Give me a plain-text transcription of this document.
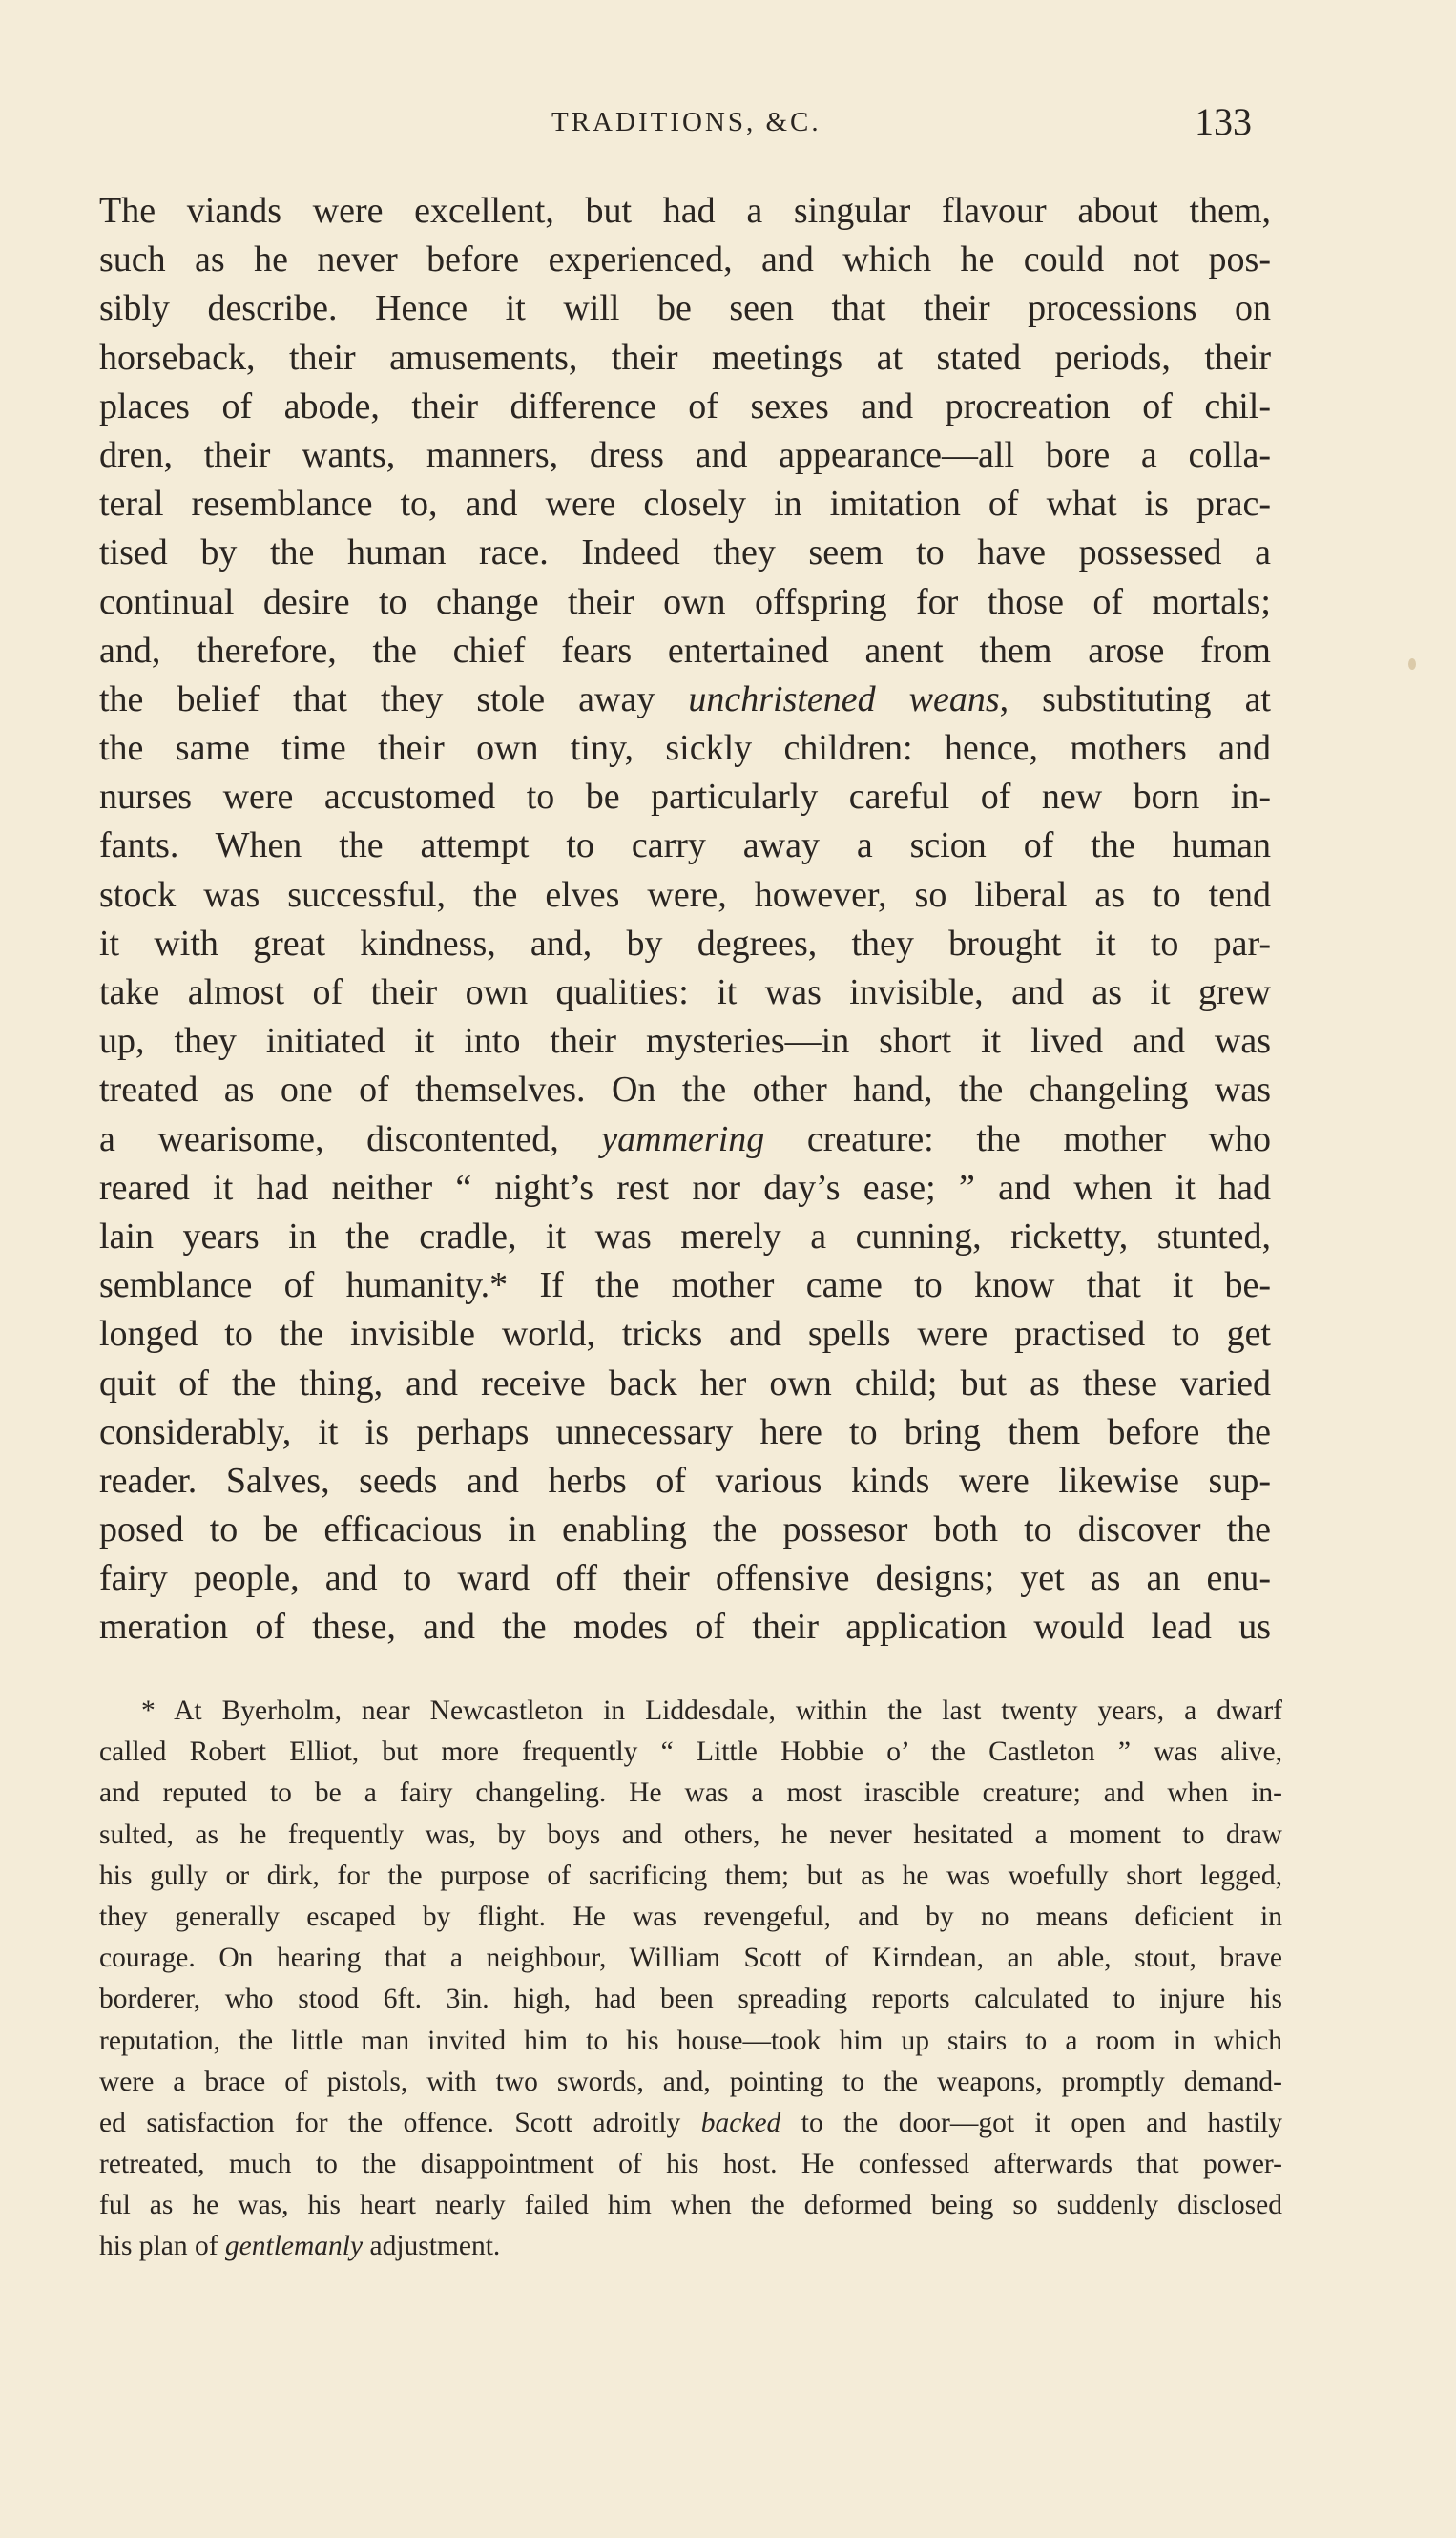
TRADITIONS, &C.	133
The viands were excellent, but had a singular flavour about them,
such as he never before experienced, and which he could not pos-
sibly describe. Hence it will be seen that their processions on
horseback, their amusements, their meetings at stated periods, their
places of abode, their difference of sexes and procreation of chil-
dren, their wants, manners, dress and appearance—all bore a colla-
teral resemblance to, and were closely in imitation of what is prac-
tised by the human race. Indeed they seem to have possessed a
continual desire to change their own offspring for those of mortals;
and, therefore, the chief fears entertained anent them arose from
the belief that they stole away unchristened weans, substituting at
the same time their own tiny, sickly children: hence, mothers and
nurses were accustomed to be particularly careful of new born in-
fants. When the attempt to carry away a scion of the human
stock was successful, the elves were, however, so liberal as to tend
it with great kindness, and, by degrees, they brought it to par-
take almost of their own qualities: it was invisible, and as it grew
up, they initiated it into their mysteries—in short it lived and was
treated as one of themselves. On the other hand, the changeling was
a wearisome, discontented, yammering creature: the mother who
reared it had neither “ night’s rest nor day’s ease; ” and when it had
lain years in the cradle, it was merely a cunning, ricketty, stunted,
semblance of humanity.* If the mother came to know that it be-
longed to the invisible world, tricks and spells were practised to get
quit of the thing, and receive back her own child; but as these varied
considerably, it is perhaps unnecessary here to bring them before the
reader. Salves, seeds and herbs of various kinds were likewise sup-
posed to be efficacious in enabling the possesor both to discover the
fairy people, and to ward off their offensive designs; yet as an enu-
meration of these, and the modes of their application would lead us
* At Byerholm, near Newcastleton in Liddesdale, within the last twenty years, a dwarf
called Robert Elliot, but more frequently “ Little Hobbie o’ the Castleton ” was alive,
and reputed to be a fairy changeling. He was a most irascible creature; and when in-
sulted, as he frequently was, by boys and others, he never hesitated a moment to draw
his gully or dirk, for the purpose of sacrificing them; but as he was woefully short legged,
they generally escaped by flight. He was revengeful, and by no means deficient in
courage. On hearing that a neighbour, William Scott of Kirndean, an able, stout, brave
borderer, who stood 6ft. 3in. high, had been spreading reports calculated to injure his
reputation, the little man invited him to his house—took him up stairs to a room in which
were a brace of pistols, with two swords, and, pointing to the weapons, promptly demand-
ed satisfaction for the offence. Scott adroitly backed to the door—got it open and hastily
retreated, much to the disappointment of his host. He confessed afterwards that power-
ful as he was, his heart nearly failed him when the deformed being so suddenly disclosed
his plan of gentlemanly adjustment.
